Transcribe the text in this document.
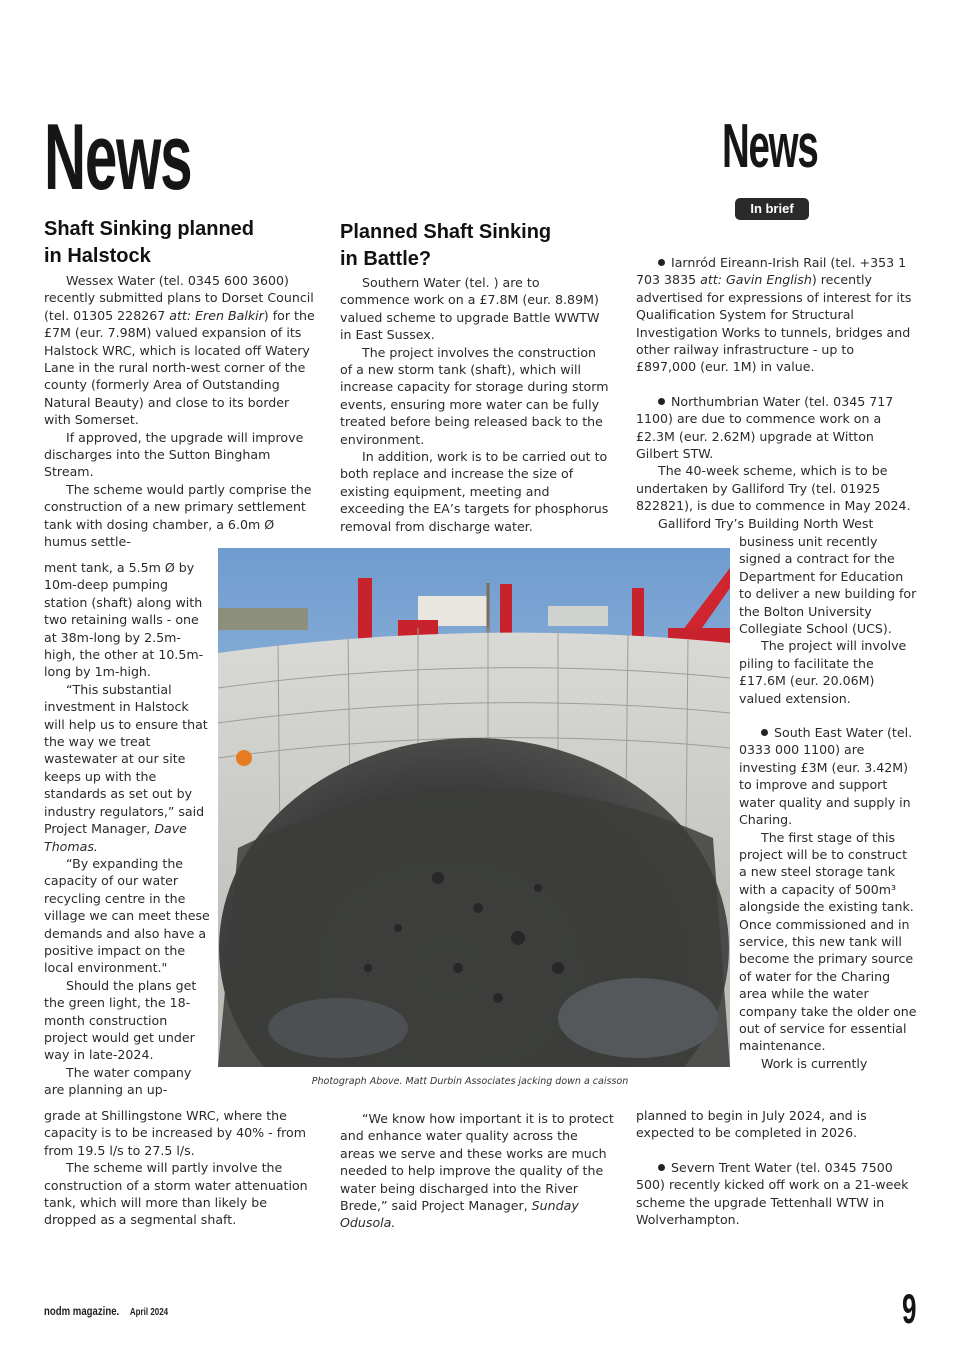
News	News
In brief
Shaft Sinking planned
in Halstock

Wessex Water (tel. 0345 600 3600) recently submitted plans to Dorset Council (tel. 01305 228267 att: Eren Balkir) for the £7M (eur. 7.98M) valued expansion of its Halstock WRC, which is located off Watery Lane in the rural north-west corner of the county (formerly Area of Outstanding Natural Beauty) and close to its border with Somerset.

If approved, the upgrade will improve discharges into the Sutton Bingham Stream.

The scheme would partly comprise the construction of a new primary settlement tank with dosing chamber, a 6.0m Ø humus settle-

ment tank, a 5.5m Ø by 10m-deep pumping station (shaft) along with two retaining walls - one at 38m-long by 2.5m-high, the other at 10.5m-long by 1m-high.

“This substantial investment in Halstock will help us to ensure that the way we treat wastewater at our site keeps up with the standards as set out by industry regulators,” said Project Manager, Dave Thomas.

“By expanding the capacity of our water recycling centre in the village we can meet these demands and also have a positive impact on the local environment."

Should the plans get the green light, the 18-month construction project would get under way in late-2024.

The water company are planning an up-

grade at Shillingstone WRC, where the capacity is to be increased by 40% - from from 19.5 l/s to 27.5 l/s.

The scheme will partly involve the construction of a storm water attenuation tank, which will more than likely be dropped as a segmental shaft.

Planned Shaft Sinking
in Battle?

Southern Water (tel. ) are to commence work on a £7.8M (eur. 8.89M) valued scheme to upgrade Battle WWTW in East Sussex.

The project involves the construction of a new storm tank (shaft), which will increase capacity for storage during storm events, ensuring more water can be fully treated before being released back to the environment.

In addition, work is to be carried out to both replace and increase the size of existing equipment, meeting and exceeding the EA’s targets for phosphorus removal from discharge water.

“We know how important it is to protect and enhance water quality across the areas we serve and these works are much needed to help improve the quality of the water being discharged into the River Brede,” said Project Manager, Sunday Odusola.

Photograph Above. Matt Durbin Associates jacking down a caisson

Iarnród Eireann-Irish Rail (tel. +353 1 703 3835 att: Gavin English) recently advertised for expressions of interest for its Qualification System for Structural Investigation Works to tunnels, bridges and other railway infrastructure - up to £897,000 (eur. 1M) in value.

Northumbrian Water (tel. 0345 717 1100) are due to commence work on a £2.3M (eur. 2.62M) upgrade at Witton Gilbert STW.

The 40-week scheme, which is to be undertaken by Galliford Try (tel. 01925 822821), is due to commence in May 2024.

Galliford Try’s Building North West

business unit recently signed a contract for the Department for Education to deliver a new building for the Bolton University Collegiate School (UCS).

The project will involve piling to facilitate the £17.6M (eur. 20.06M) valued extension.

South East Water (tel. 0333 000 1100) are investing £3M (eur. 3.42M) to improve and support water quality and supply in Charing.

The first stage of this project will be to construct a new steel storage tank with a capacity of 500m³ alongside the existing tank. Once commissioned and in service, this new tank will become the primary source of water for the Charing area while the water company take the older one out of service for essential maintenance.

Work is currently

planned to begin in July 2024, and is expected to be completed in 2026.

Severn Trent Water (tel. 0345 7500 500) recently kicked off work on a 21-week scheme the upgrade Tettenhall WTW in Wolverhampton.

nodm magazine. April 2024	9
